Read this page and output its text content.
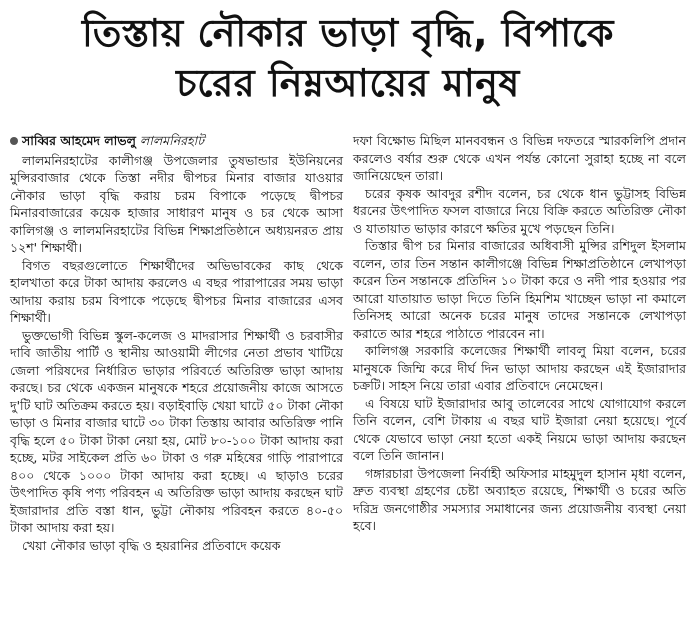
তিস্তায় নৌকার ভাড়া বৃদ্ধি, বিপাকে
চরের নিম্নআয়ের মানুষ
সাব্বির আহমেদ লাভলু লালমনিরহাট

লালমনিরহাটের কালীগঞ্জ উপজেলার তুষভান্ডার ইউনিয়নের মুন্সিরবাজার থেকে তিস্তা নদীর দ্বীপচর মিনার বাজার যাওয়ার নৌকার ভাড়া বৃদ্ধি করায় চরম বিপাকে পড়েছে দ্বীপচর মিনারবাজারের কয়েক হাজার সাধারণ মানুষ ও চর থেকে আসা কালিগঞ্জ ও লালমনিরহাটের বিভিন্ন শিক্ষাপ্রতিষ্ঠানে অধ্যয়নরত প্রায় ১২শ' শিক্ষার্থী।

বিগত বছরগুলোতে শিক্ষার্থীদের অভিভাবকের কাছ থেকে হালখাতা করে টাকা আদায় করলেও এ বছর পারাপারের সময় ভাড়া আদায় করায় চরম বিপাকে পড়েছে দ্বীপচর মিনার বাজারের এসব শিক্ষার্থী।

ভুক্তভোগী বিভিন্ন স্কুল-কলেজ ও মাদরাসার শিক্ষার্থী ও চরবাসীর দাবি জাতীয় পার্টি ও স্থানীয় আওয়ামী লীগের নেতা প্রভাব খাটিয়ে জেলা পরিষদের নির্ধারিত ভাড়ার পরিবর্তে অতিরিক্ত ভাড়া আদায় করছে। চর থেকে একজন মানুষকে শহরে প্রয়োজনীয় কাজে আসতে দু'টি ঘাট অতিক্রম করতে হয়। বড়াইবাড়ি খেয়া ঘাটে ৫০ টাকা নৌকা ভাড়া ও মিনার বাজার ঘাটে ৩০ টাকা তিস্তায় আবার অতিরিক্ত পানি বৃদ্ধি হলে ৫০ টাকা টাকা নেয়া হয়, মোট ৮০-১০০ টাকা আদায় করা হচ্ছে, মটর সাইকেল প্রতি ৬০ টাকা ও গরু মহিষের গাড়ি পারাপারে ৪০০ থেকে ১০০০ টাকা আদায় করা হচ্ছে। এ ছাড়াও চরের উৎপাদিত কৃষি পণ্য পরিবহন এ অতিরিক্ত ভাড়া আদায় করছেন ঘাট ইজারাদার প্রতি বস্তা ধান, ভুট্টা নৌকায় পরিবহন করতে ৪০-৫০ টাকা আদায় করা হয়।

খেয়া নৌকার ভাড়া বৃদ্ধি ও হয়রানির প্রতিবাদে কয়েক

দফা বিক্ষোভ মিছিল মানববন্ধন ও বিভিন্ন দফতরে স্মারকলিপি প্রদান করলেও বর্ষার শুরু থেকে এখন পর্যন্ত কোনো সুরাহা হচ্ছে না বলে জানিয়েছেন তারা।

চরের কৃষক আবদুর রশীদ বলেন, চর থেকে ধান ভুট্টাসহ বিভিন্ন ধরনের উৎপাদিত ফসল বাজারে নিয়ে বিক্রি করতে অতিরিক্ত নৌকা ও যাতায়াত ভাড়ার কারণে ক্ষতির মুখে পড়ছেন তিনি।

তিস্তার দ্বীপ চর মিনার বাজারের অধিবাসী মুন্সির রশিদুল ইসলাম বলেন, তার তিন সন্তান কালীগঞ্জে বিভিন্ন শিক্ষাপ্রতিষ্ঠানে লেখাপড়া করেন তিন সন্তানকে প্রতিদিন ১০ টাকা করে ও নদী পার হওয়ার পর আরো যাতায়াত ভাড়া দিতে তিনি হিমশিম খাচ্ছেন ভাড়া না কমালে তিনিসহ আরো অনেক চরের মানুষ তাদের সন্তানকে লেখাপড়া করাতে আর শহরে পাঠাতে পারবেন না।

কালিগঞ্জ সরকারি কলেজের শিক্ষার্থী লাবলু মিয়া বলেন, চরের মানুষকে জিম্মি করে দীর্ঘ দিন ভাড়া আদায় করছেন এই ইজারাদার চক্রটি। সাহস নিয়ে তারা এবার প্রতিবাদে নেমেছেন।

এ বিষয়ে ঘাট ইজারাদার আবু তালেবের সাথে যোগাযোগ করলে তিনি বলেন, বেশি টাকায় এ বছর ঘাট ইজারা নেয়া হয়েছে। পূর্বে থেকে যেভাবে ভাড়া নেয়া হতো একই নিয়মে ভাড়া আদায় করছেন বলে তিনি জানান।

গঙ্গারচারা উপজেলা নির্বাহী অফিসার মাহমুদুল হাসান মৃধা বলেন, দ্রুত ব্যবস্থা গ্রহণের চেষ্টা অব্যাহত রয়েছে, শিক্ষার্থী ও চরের অতি দরিদ্র জনগোষ্ঠীর সমস্যার সমাধানের জন্য প্রয়োজনীয় ব্যবস্থা নেয়া হবে।
